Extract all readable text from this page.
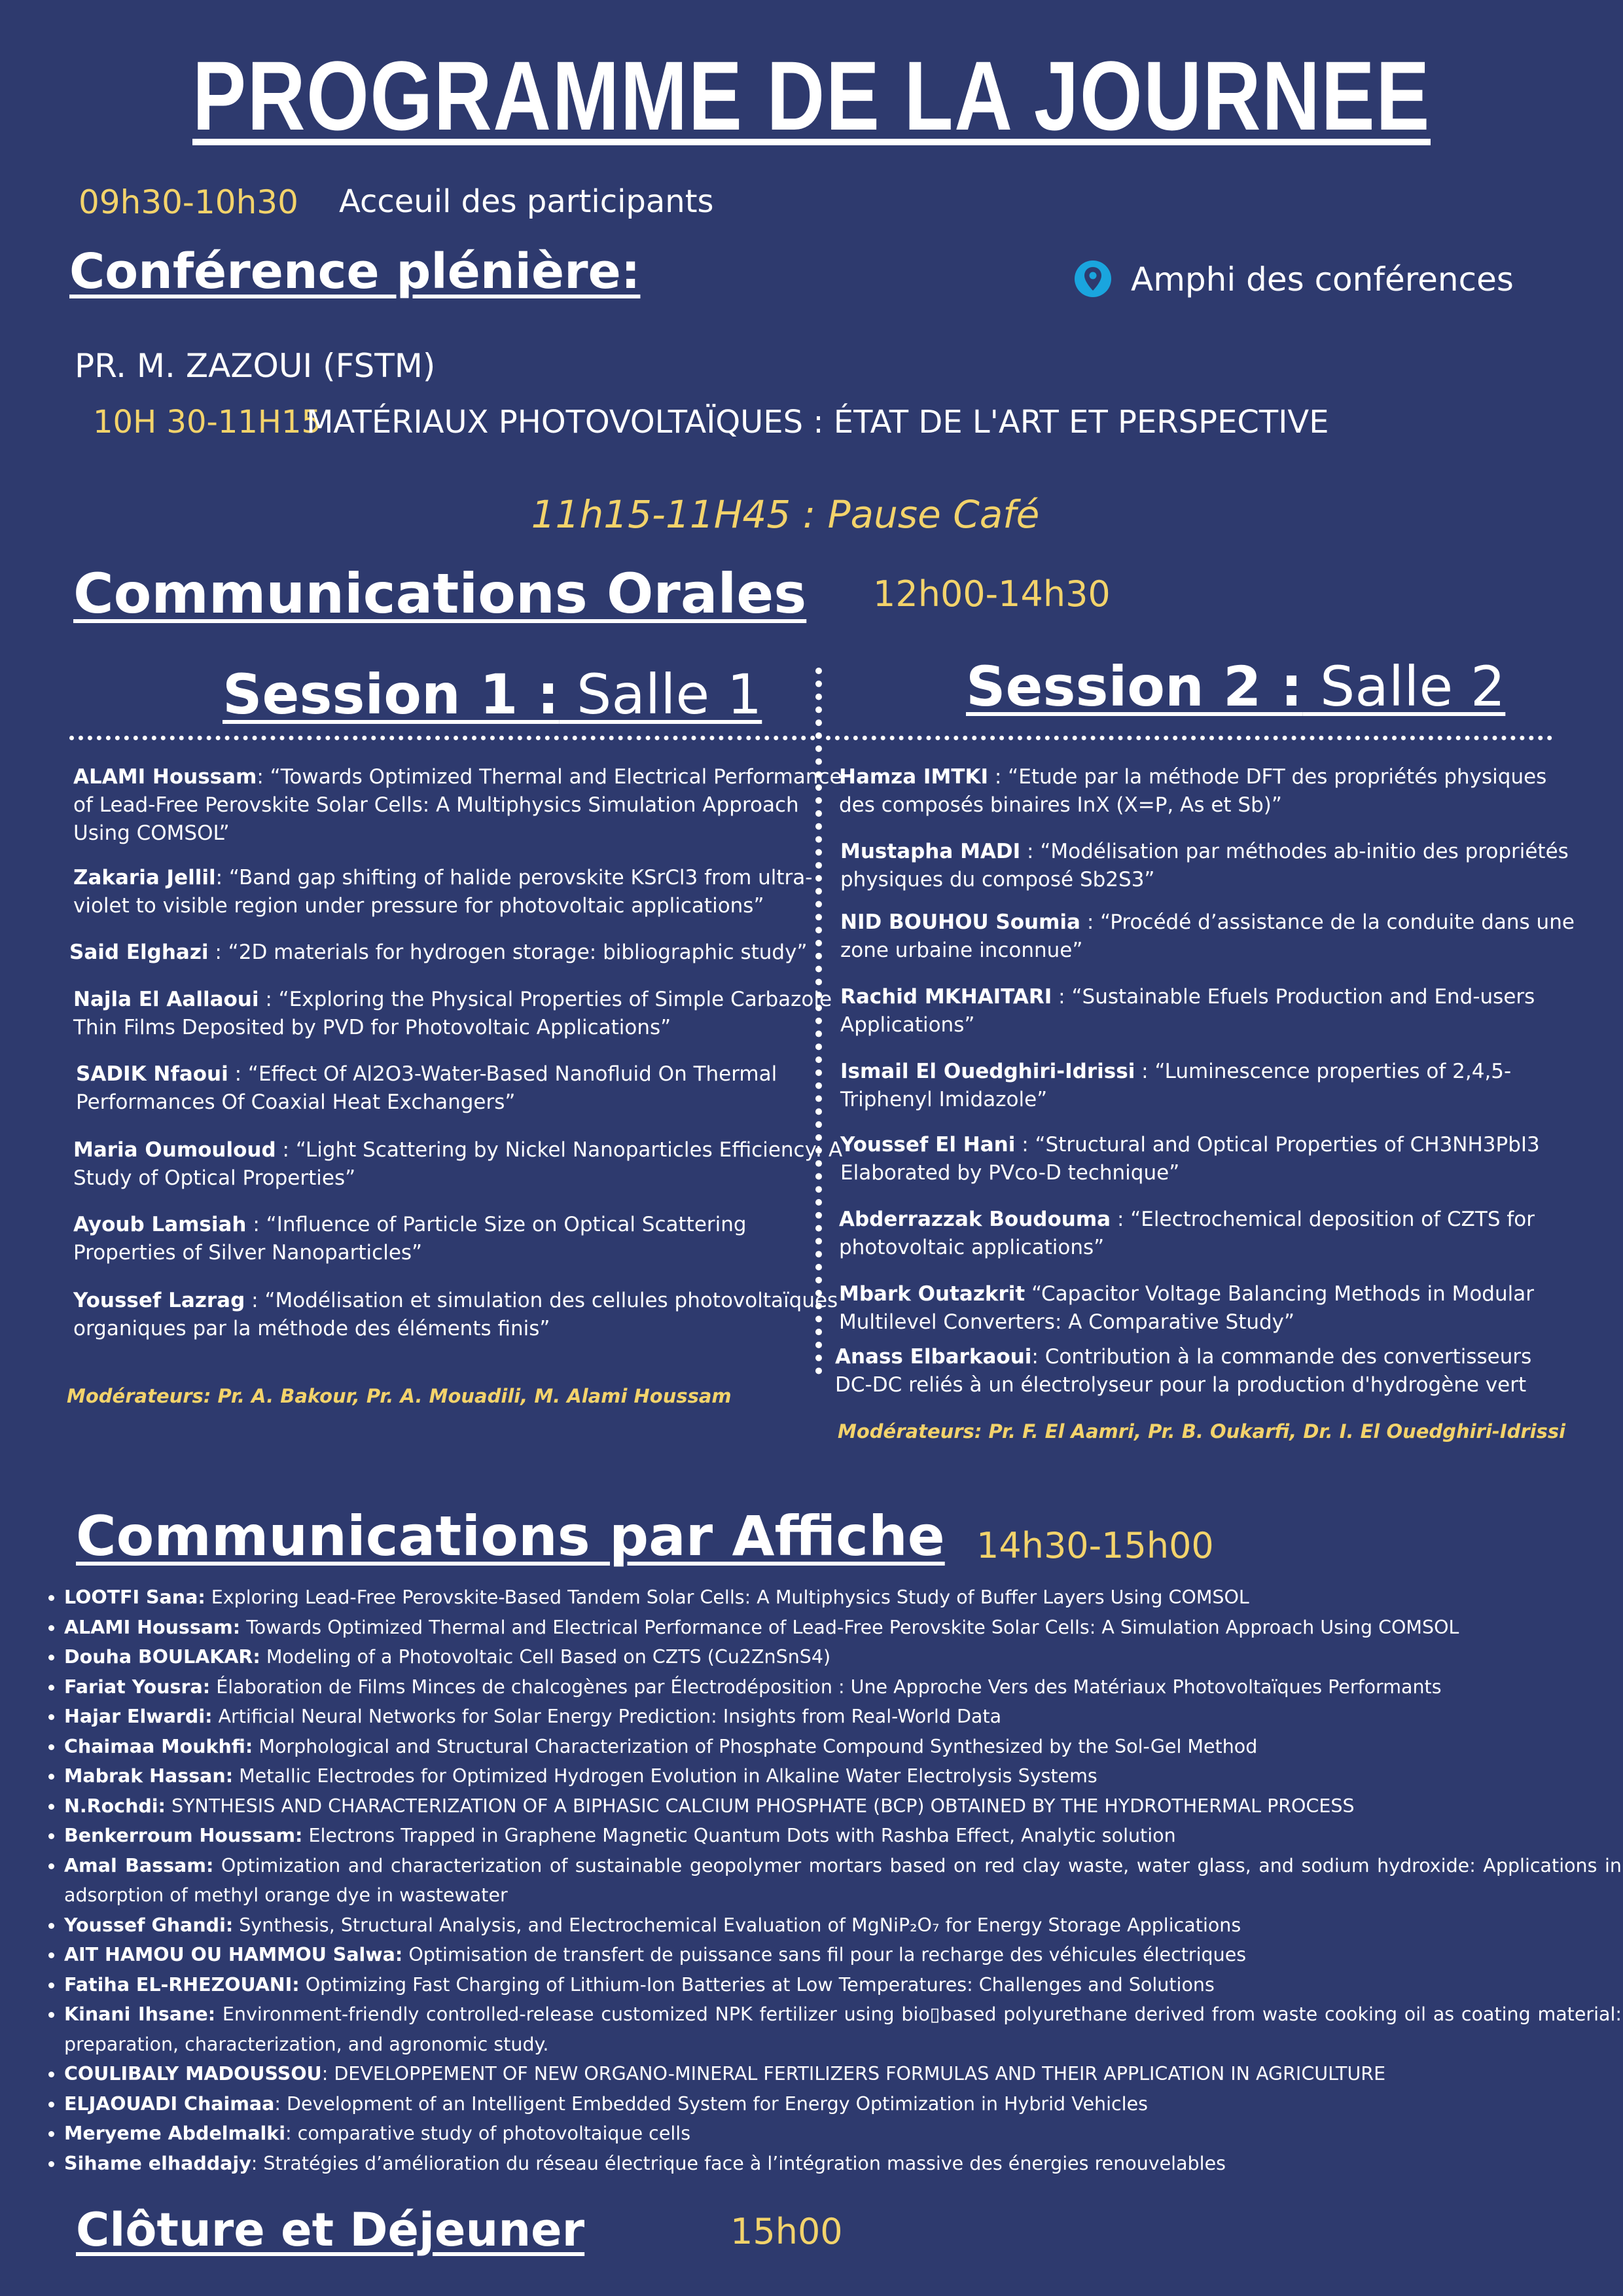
PROGRAMME DE LA JOURNEE
09h30-10h30 Acceuil des participants
Conférence plénière:	Amphi des conférences
PR. M. ZAZOUI (FSTM)
10H 30-11H15
MATÉRIAUX PHOTOVOLTAÏQUES : ÉTAT DE L'ART ET PERSPECTIVE
11h15-11H45 : Pause Café
Communications Orales 12h00-14h30
Session 1 : Salle 1	Session 2 : Salle 2
ALAMI Houssam: “Towards Optimized Thermal and Electrical Performance of Lead-Free Perovskite Solar Cells: A Multiphysics Simulation Approach Using COMSOL”
Zakaria Jellil: “Band gap shifting of halide perovskite KSrCl3 from ultra-violet to visible region under pressure for photovoltaic applications”
Said Elghazi : “2D materials for hydrogen storage: bibliographic study”
Najla El Aallaoui : “Exploring the Physical Properties of Simple Carbazole Thin Films Deposited by PVD for Photovoltaic Applications”
SADIK Nfaoui : “Effect Of Al2O3-Water-Based Nanofluid On Thermal Performances Of Coaxial Heat Exchangers”
Maria Oumouloud : “Light Scattering by Nickel Nanoparticles Efficiency: A Study of Optical Properties”
Ayoub Lamsiah : “Influence of Particle Size on Optical Scattering Properties of Silver Nanoparticles”
Youssef Lazrag : “Modélisation et simulation des cellules photovoltaïques organiques par la méthode des éléments finis”
Modérateurs: Pr. A. Bakour, Pr. A. Mouadili, M. Alami Houssam
Hamza IMTKI : “Etude par la méthode DFT des propriétés physiques des composés binaires InX (X=P, As et Sb)”
Mustapha MADI : “Modélisation par méthodes ab-initio des propriétés physiques du composé Sb2S3”
NID BOUHOU Soumia : “Procédé d’assistance de la conduite dans une zone urbaine inconnue”
Rachid MKHAITARI : “Sustainable Efuels Production and End-users Applications”
Ismail El Ouedghiri-Idrissi : “Luminescence properties of 2,4,5-Triphenyl Imidazole”
Youssef El Hani : “Structural and Optical Properties of CH3NH3PbI3 Elaborated by PVco-D technique”
Abderrazzak Boudouma : “Electrochemical deposition of CZTS for photovoltaic applications”
Mbark Outazkrit “Capacitor Voltage Balancing Methods in Modular Multilevel Converters: A Comparative Study”
Anass Elbarkaoui: Contribution à la commande des convertisseurs DC-DC reliés à un électrolyseur pour la production d'hydrogène vert
Modérateurs: Pr. F. El Aamri, Pr. B. Oukarfi, Dr. I. El Ouedghiri-Idrissi
Communications par Affiche 14h30-15h00
• LOOTFI Sana: Exploring Lead-Free Perovskite-Based Tandem Solar Cells: A Multiphysics Study of Buffer Layers Using COMSOL
• ALAMI Houssam: Towards Optimized Thermal and Electrical Performance of Lead-Free Perovskite Solar Cells: A Simulation Approach Using COMSOL
• Douha BOULAKAR: Modeling of a Photovoltaic Cell Based on CZTS (Cu2ZnSnS4)
• Fariat Yousra: Élaboration de Films Minces de chalcogènes par Électrodéposition : Une Approche Vers des Matériaux Photovoltaïques Performants
• Hajar Elwardi: Artificial Neural Networks for Solar Energy Prediction: Insights from Real-World Data
• Chaimaa Moukhfi: Morphological and Structural Characterization of Phosphate Compound Synthesized by the Sol-Gel Method
• Mabrak Hassan: Metallic Electrodes for Optimized Hydrogen Evolution in Alkaline Water Electrolysis Systems
• N.Rochdi: SYNTHESIS AND CHARACTERIZATION OF A BIPHASIC CALCIUM PHOSPHATE (BCP) OBTAINED BY THE HYDROTHERMAL PROCESS
• Benkerroum Houssam: Electrons Trapped in Graphene Magnetic Quantum Dots with Rashba Effect, Analytic solution
• Amal Bassam: Optimization and characterization of sustainable geopolymer mortars based on red clay waste, water glass, and sodium hydroxide: Applications in adsorption of methyl orange dye in wastewater
• Youssef Ghandi: Synthesis, Structural Analysis, and Electrochemical Evaluation of MgNiP₂O₇ for Energy Storage Applications
• AIT HAMOU OU HAMMOU Salwa: Optimisation de transfert de puissance sans fil pour la recharge des véhicules électriques
• Fatiha EL-RHEZOUANI: Optimizing Fast Charging of Lithium-Ion Batteries at Low Temperatures: Challenges and Solutions
• Kinani Ihsane: Environment-friendly controlled-release customized NPK fertilizer using bio▯based polyurethane derived from waste cooking oil as coating material: preparation, characterization, and agronomic study.
• COULIBALY MADOUSSOU: DEVELOPPEMENT OF NEW ORGANO-MINERAL FERTILIZERS FORMULAS AND THEIR APPLICATION IN AGRICULTURE
• ELJAOUADI Chaimaa: Development of an Intelligent Embedded System for Energy Optimization in Hybrid Vehicles
• Meryeme Abdelmalki: comparative study of photovoltaique cells
• Sihame elhaddajy: Stratégies d’amélioration du réseau électrique face à l’intégration massive des énergies renouvelables
Clôture et Déjeuner	15h00
